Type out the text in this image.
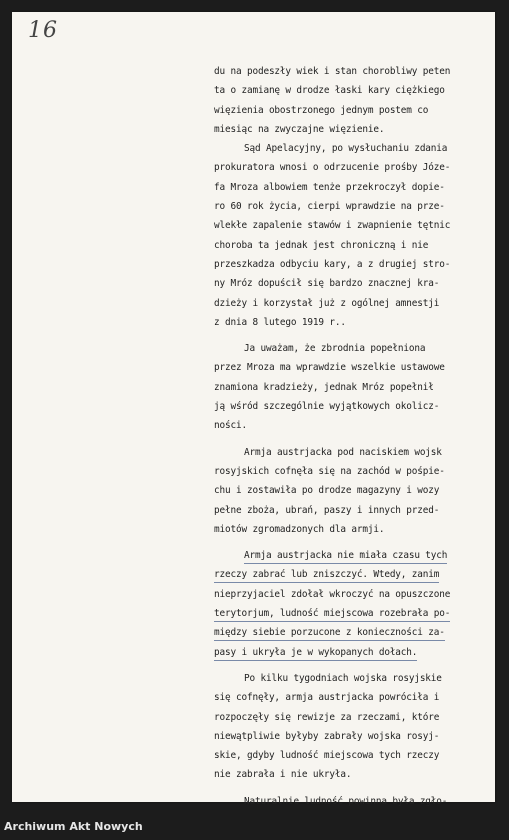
16
du na podeszły wiek i stan chorobliwy peten
ta o zamianę w drodze łaski kary ciężkiego
więzienia obostrzonego jednym postem co
miesiąc na zwyczajne więzienie.
Sąd Apelacyjny, po wysłuchaniu zdania
prokuratora wnosi o odrzucenie prośby Józe-
fa Mroza albowiem tenże przekroczył dopie-
ro 60 rok życia, cierpi wprawdzie na prze-
wlekłe zapalenie stawów i zwapnienie tętnic
choroba ta jednak jest chroniczną i nie
przeszkadza odbyciu kary, a z drugiej stro-
ny Mróz dopuścił się bardzo znacznej kra-
dzieży i korzystał już z ogólnej amnestji
z dnia 8 lutego 1919 r..
Ja uważam, że zbrodnia popełniona
przez Mroza ma wprawdzie wszelkie ustawowe
znamiona kradzieży, jednak Mróz popełnił
ją wśród szczególnie wyjątkowych okolicz-
ności.
Armja austrjacka pod naciskiem wojsk
rosyjskich cofnęła się na zachód w pośpie-
chu i zostawiła po drodze magazyny i wozy
pełne zboża, ubrań, paszy i innych przed-
miotów zgromadzonych dla armji.
Armja austrjacka nie miała czasu tych
rzeczy zabrać lub zniszczyć. Wtedy, zanim
nieprzyjaciel zdołał wkroczyć na opuszczone
terytorjum, ludność miejscowa rozebrała po-
między siebie porzucone z konieczności za-
pasy i ukryła je w wykopanych dołach.
Po kilku tygodniach wojska rosyjskie
się cofnęły, armja austrjacka powróciła i
rozpoczęły się rewizje za rzeczami, które
niewątpliwie byłyby zabrały wojska rosyj-
skie, gdyby ludność miejscowa tych rzeczy
nie zabrała i nie ukryła.
Naturalnie ludność powinna była zgło-
Archiwum Akt Nowych
